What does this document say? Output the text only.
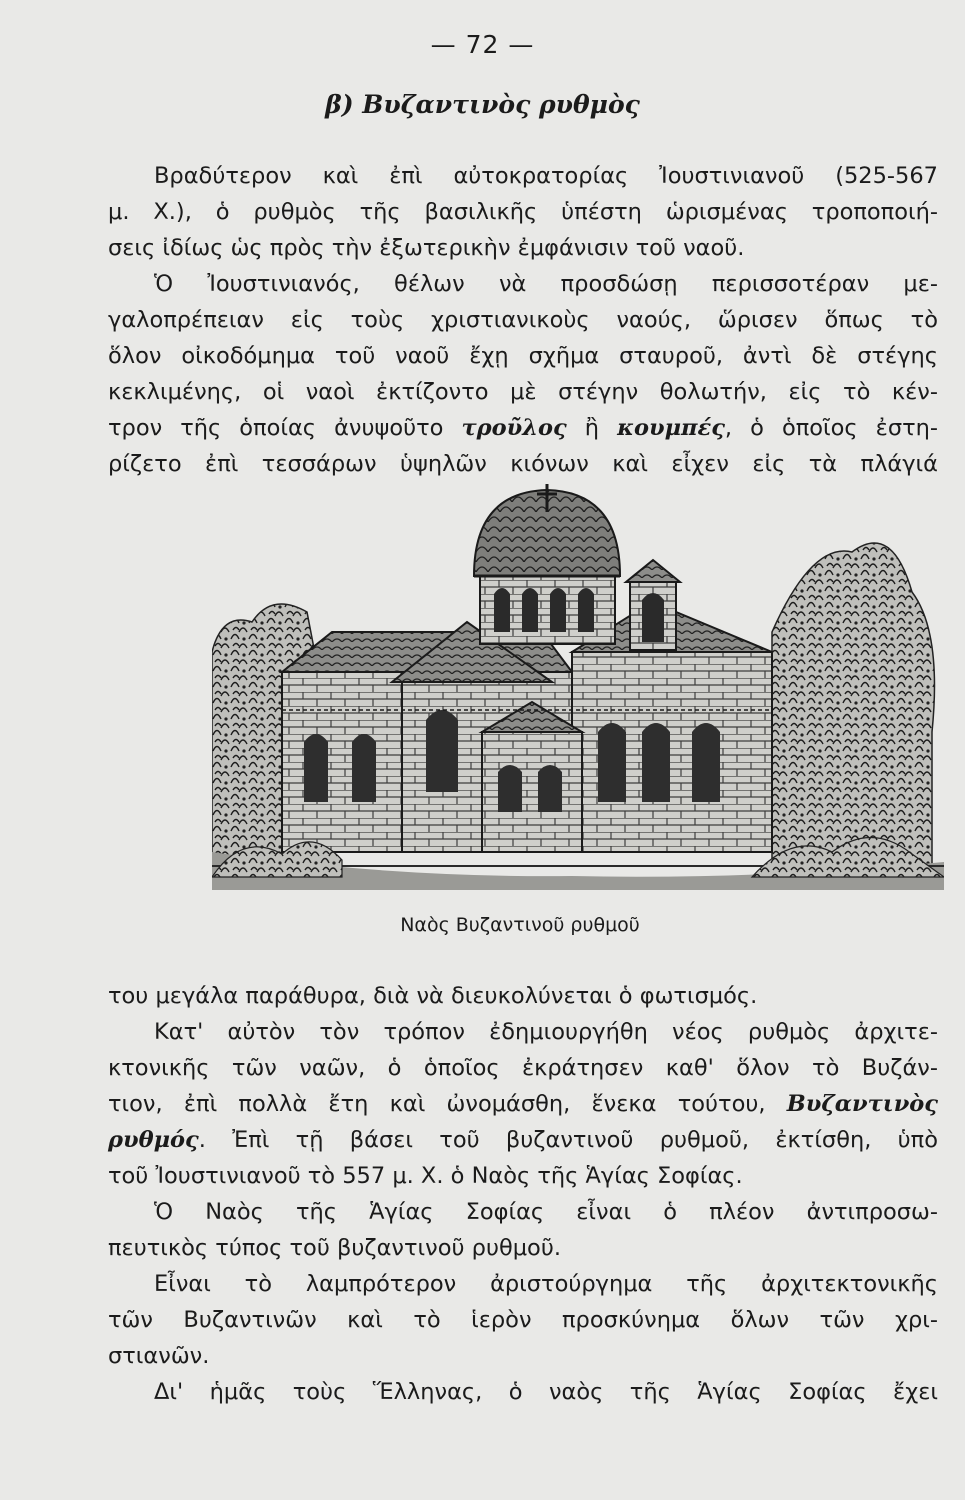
— 72 —
β) Βυζαντινὸς ρυθμὸς

Βραδύτερον καὶ ἐπὶ αὐτοκρατορίας Ἰουστινιανοῦ (525-567
μ. Χ.), ὁ ρυθμὸς τῆς βασιλικῆς ὑπέστη ὡρισμένας τροποποιή-
σεις ἰδίως ὡς πρὸς τὴν ἐξωτερικὴν ἐμφάνισιν τοῦ ναοῦ.

Ὁ Ἰουστινιανός, θέλων νὰ προσδώσῃ περισσοτέραν με-
γαλοπρέπειαν εἰς τοὺς χριστιανικοὺς ναούς, ὥρισεν ὅπως τὸ
ὅλον οἰκοδόμημα τοῦ ναοῦ ἔχῃ σχῆμα σταυροῦ, ἀντὶ δὲ στέγης
κεκλιμένης, οἱ ναοὶ ἐκτίζοντο μὲ στέγην θολωτήν, εἰς τὸ κέν-
τρον τῆς ὁποίας ἀνυψοῦτο τροῦλος ἢ κουμπές, ὁ ὁποῖος ἐστη-
ρίζετο ἐπὶ τεσσάρων ὑψηλῶν κιόνων καὶ εἶχεν εἰς τὰ πλάγιά

Ναὸς Βυζαντινοῦ ρυθμοῦ

του μεγάλα παράθυρα, διὰ νὰ διευκολύνεται ὁ φωτισμός.
Κατ' αὐτὸν τὸν τρόπον ἐδημιουργήθη νέος ρυθμὸς ἀρχιτε-
κτονικῆς τῶν ναῶν, ὁ ὁποῖος ἐκράτησεν καθ' ὅλον τὸ Βυζάν-
τιον, ἐπὶ πολλὰ ἔτη καὶ ὠνομάσθη, ἕνεκα τούτου, Βυζαντινὸς
ρυθμός. Ἐπὶ τῇ βάσει τοῦ βυζαντινοῦ ρυθμοῦ, ἐκτίσθη, ὑπὸ
τοῦ Ἰουστινιανοῦ τὸ 557 μ. Χ. ὁ Ναὸς τῆς Ἁγίας Σοφίας.

Ὁ Ναὸς τῆς Ἁγίας Σοφίας εἶναι ὁ πλέον ἀντιπροσω-
πευτικὸς τύπος τοῦ βυζαντινοῦ ρυθμοῦ.

Εἶναι τὸ λαμπρότερον ἀριστούργημα τῆς ἀρχιτεκτονικῆς
τῶν Βυζαντινῶν καὶ τὸ ἱερὸν προσκύνημα ὅλων τῶν χρι-
στιανῶν.

Δι' ἡμᾶς τοὺς Ἕλληνας, ὁ ναὸς τῆς Ἁγίας Σοφίας ἔχει
